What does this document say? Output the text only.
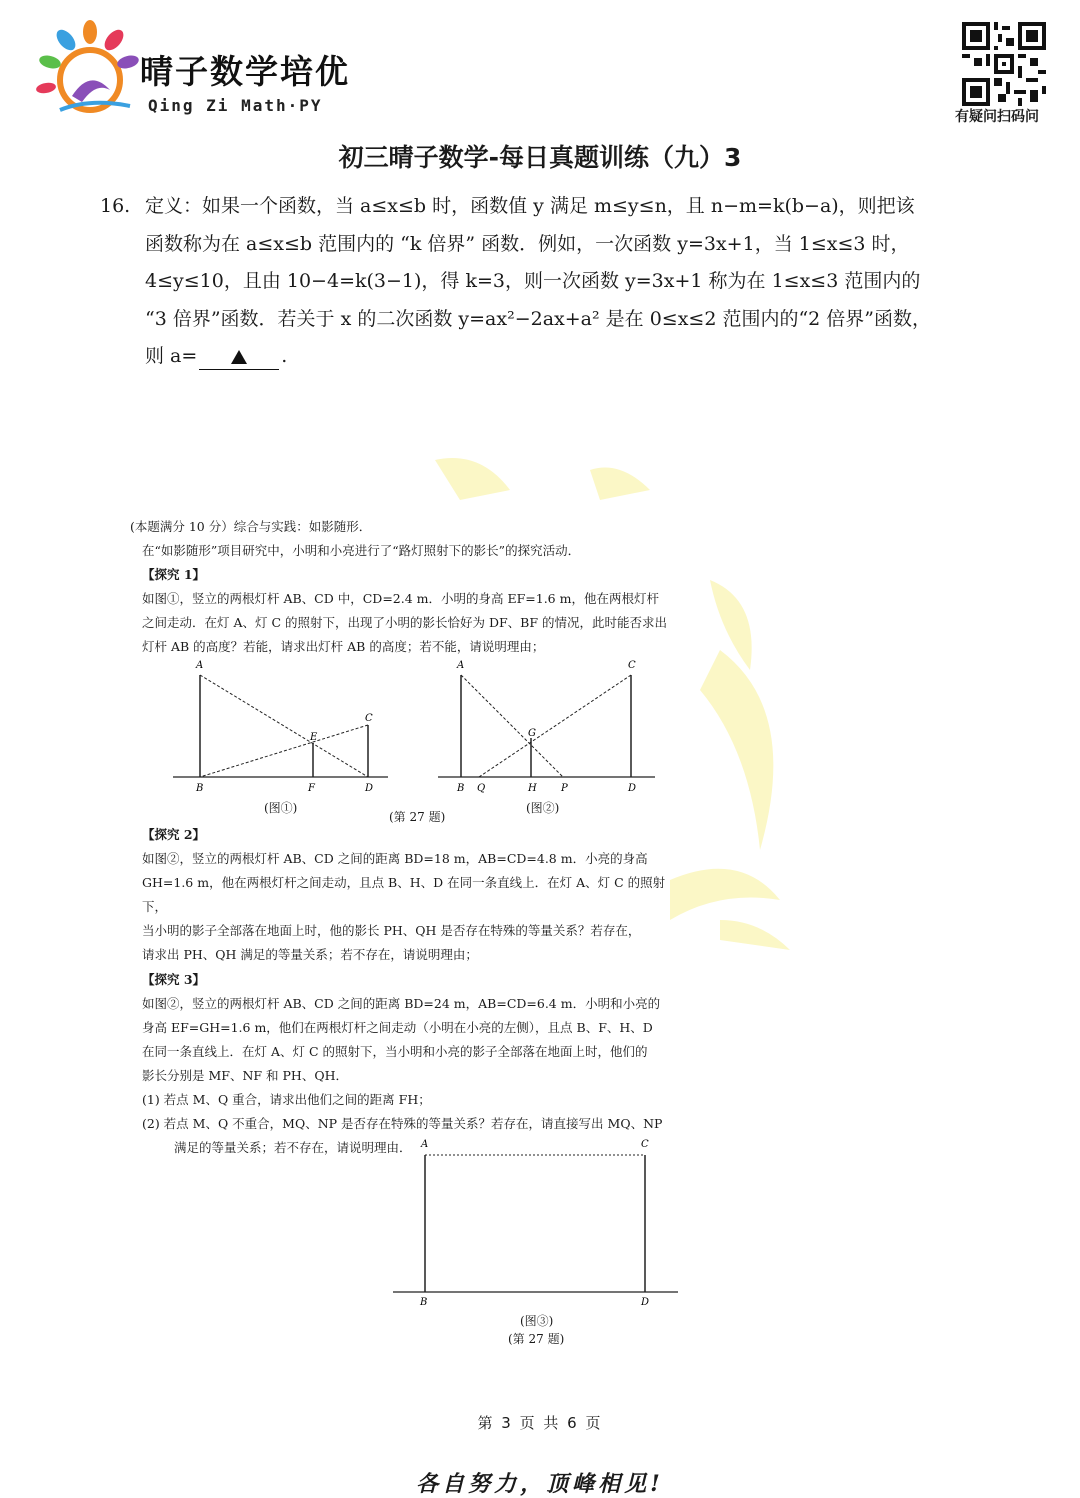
晴子数学培优
Qing Zi Math·PY
有疑问扫码问
初三晴子数学-每日真题训练（九）3
16. 定义：如果一个函数，当 a≤x≤b 时，函数值 y 满足 m≤y≤n，且 n−m=k(b−a)，则把该
函数称为在 a≤x≤b 范围内的 “k 倍界” 函数．例如，一次函数 y=3x+1，当 1≤x≤3 时，
4≤y≤10，且由 10−4=k(3−1)，得 k=3，则一次函数 y=3x+1 称为在 1≤x≤3 范围内的
“3 倍界”函数．若关于 x 的二次函数 y=ax²−2ax+a² 是在 0≤x≤2 范围内的“2 倍界”函数，
则 a=	.

(本题满分 10 分）综合与实践：如影随形．

在“如影随形”项目研究中，小明和小亮进行了“路灯照射下的影长”的探究活动．

【探究 1】

如图①，竖立的两根灯杆 AB、CD 中，CD=2.4 m．小明的身高 EF=1.6 m，他在两根灯杆

之间走动．在灯 A、灯 C 的照射下，出现了小明的影长恰好为 DF、BF 的情况，此时能否求出

灯杆 AB 的高度？若能，请求出灯杆 AB 的高度；若不能，请说明理由；

【探究 2】

如图②，竖立的两根灯杆 AB、CD 之间的距离 BD=18 m，AB=CD=4.8 m．小亮的身高

GH=1.6 m，他在两根灯杆之间走动，且点 B、H、D 在同一条直线上．在灯 A、灯 C 的照射下，

当小明的影子全部落在地面上时，他的影长 PH、QH 是否存在特殊的等量关系？若存在，

请求出 PH、QH 满足的等量关系；若不存在，请说明理由；

【探究 3】

如图②，竖立的两根灯杆 AB、CD 之间的距离 BD=24 m，AB=CD=6.4 m．小明和小亮的

身高 EF=GH=1.6 m，他们在两根灯杆之间走动（小明在小亮的左侧），且点 B、F、H、D

在同一条直线上．在灯 A、灯 C 的照射下，当小明和小亮的影子全部落在地面上时，他们的

影长分别是 MF、NF 和 PH、QH．

(1) 若点 M、Q 重合，请求出他们之间的距离 FH；

(2) 若点 M、Q 不重合，MQ、NP 是否存在特殊的等量关系？若存在，请直接写出 MQ、NP

满足的等量关系；若不存在，请说明理由．

A
B
C
D
E
F
(图①)
A
B
C
D
G
H P
Q
(图②)
(第 27 题)
A
B
C
D
(图③)
(第 27 题)
第 3 页 共 6 页
各自努力，顶峰相见!
